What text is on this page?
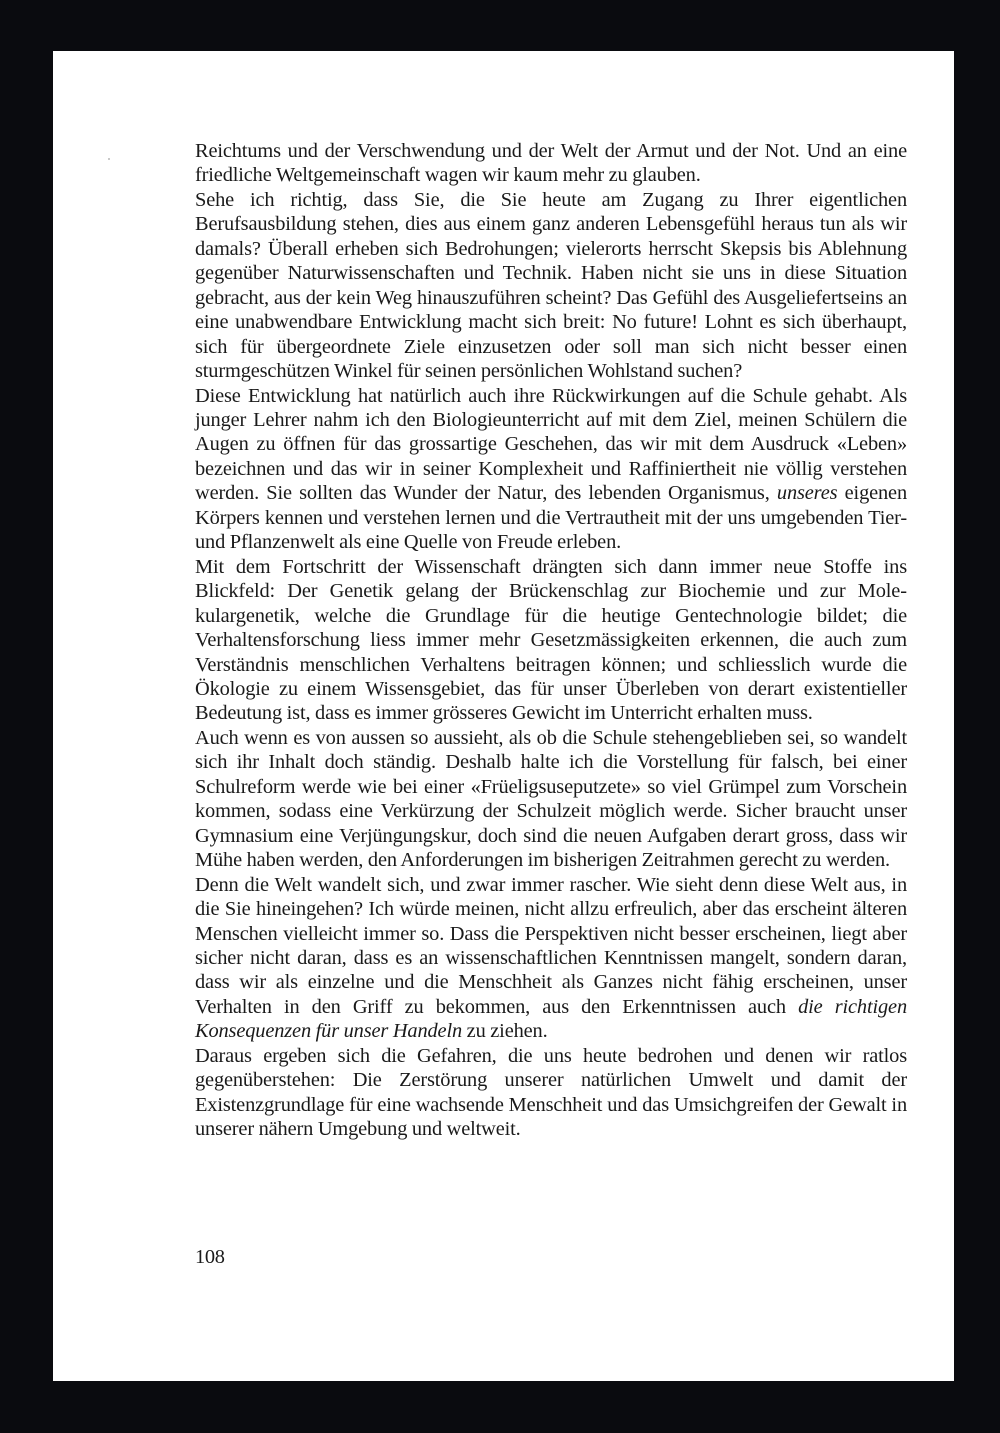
Reichtums und der Verschwendung und der Welt der Armut und der Not. Und an eine friedliche Weltgemeinschaft wagen wir kaum mehr zu glauben.

Sehe ich richtig, dass Sie, die Sie heute am Zugang zu Ihrer eigentlichen Berufsausbildung stehen, dies aus einem ganz anderen Lebensgefühl heraus tun als wir damals? Überall erheben sich Bedrohungen; vielerorts herrscht Skepsis bis Ablehnung gegenüber Naturwissenschaften und Technik. Haben nicht sie uns in diese Situation gebracht, aus der kein Weg hinauszuführen scheint? Das Gefühl des Ausgeliefertseins an eine unabwendbare Entwicklung macht sich breit: No future! Lohnt es sich überhaupt, sich für übergeordnete Ziele einzusetzen oder soll man sich nicht besser einen sturmgeschützen Winkel für seinen persönlichen Wohlstand suchen?

Diese Entwicklung hat natürlich auch ihre Rückwirkungen auf die Schule gehabt. Als junger Lehrer nahm ich den Biologieunterricht auf mit dem Ziel, meinen Schülern die Augen zu öffnen für das grossartige Geschehen, das wir mit dem Ausdruck «Leben» bezeichnen und das wir in seiner Komplexheit und Raffiniertheit nie völlig verstehen werden. Sie sollten das Wunder der Natur, des lebenden Organismus, unseres eigenen Körpers kennen und verstehen lernen und die Vertrautheit mit der uns umgebenden Tier- und Pflanzenwelt als eine Quelle von Freude erleben.

Mit dem Fortschritt der Wissenschaft drängten sich dann immer neue Stoffe ins Blickfeld: Der Genetik gelang der Brückenschlag zur Biochemie und zur Molekulargenetik, welche die Grundlage für die heutige Gentechnologie bildet; die Verhaltensforschung liess immer mehr Gesetzmässigkeiten erkennen, die auch zum Verständnis menschlichen Verhaltens beitragen können; und schliesslich wurde die Ökologie zu einem Wissensgebiet, das für unser Überleben von derart existentieller Bedeutung ist, dass es immer grösseres Gewicht im Unterricht erhalten muss.

Auch wenn es von aussen so aussieht, als ob die Schule stehengeblieben sei, so wandelt sich ihr Inhalt doch ständig. Deshalb halte ich die Vorstellung für falsch, bei einer Schulreform werde wie bei einer «Früeligsuseputzete» so viel Grümpel zum Vorschein kommen, sodass eine Verkürzung der Schulzeit möglich werde. Sicher braucht unser Gymnasium eine Verjüngungskur, doch sind die neuen Aufgaben derart gross, dass wir Mühe haben werden, den Anforderungen im bisherigen Zeitrahmen gerecht zu werden.

Denn die Welt wandelt sich, und zwar immer rascher. Wie sieht denn diese Welt aus, in die Sie hineingehen? Ich würde meinen, nicht allzu erfreulich, aber das erscheint älteren Menschen vielleicht immer so. Dass die Perspektiven nicht besser erscheinen, liegt aber sicher nicht daran, dass es an wissenschaftlichen Kenntnissen mangelt, sondern daran, dass wir als einzelne und die Menschheit als Ganzes nicht fähig erscheinen, unser Verhalten in den Griff zu bekommen, aus den Erkenntnissen auch die richtigen Konsequenzen für unser Handeln zu ziehen.

Daraus ergeben sich die Gefahren, die uns heute bedrohen und denen wir ratlos gegenüberstehen: Die Zerstörung unserer natürlichen Umwelt und damit der Existenzgrundlage für eine wachsende Menschheit und das Umsichgreifen der Gewalt in unserer nähern Umgebung und weltweit.

108
